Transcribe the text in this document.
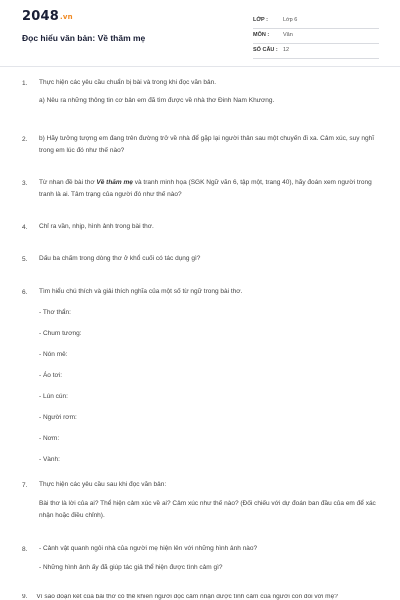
2048.vn
Đọc hiểu văn bản: Về thăm mẹ
LỚP :	Lớp 6
MÔN :	Văn
SỐ CÂU : 12
1. Thực hiện các yêu cầu chuẩn bị bài và trong khi đọc văn bản.

a) Nêu ra những thông tin cơ bản em đã tìm được về nhà thơ Đinh Nam Khương.

2. b) Hãy tưởng tượng em đang trên đường trở về nhà để gặp lại người thân sau một chuyến đi xa. Cảm xúc, suy nghĩ trong em lúc đó như thế nào?

3. Từ nhan đề bài thơ Về thăm mẹ và tranh minh họa (SGK Ngữ văn 6, tập một, trang 40), hãy đoán xem người trong tranh là ai. Tâm trạng của người đó như thế nào?

4. Chỉ ra vần, nhịp, hình ảnh trong bài thơ.

5. Dấu ba chấm trong dòng thơ ở khổ cuối có tác dụng gì?

6. Tìm hiểu chú thích và giải thích nghĩa của một số từ ngữ trong bài thơ.

- Thơ thẩn:
- Chum tương:
- Nón mê:
- Áo tơi:
- Lún cún:
- Người rơm:
- Nơm:
- Vành:
7. Thực hiện các yêu cầu sau khi đọc văn bản:

Bài thơ là lời của ai? Thể hiện cảm xúc về ai? Cảm xúc như thế nào? (Đối chiếu với dự đoán ban đầu của em để xác nhận hoặc điều chỉnh).

8. - Cảnh vật quanh ngôi nhà của người mẹ hiện lên với những hình ảnh nào?

- Những hình ảnh ấy đã giúp tác giả thể hiện được tình cảm gì?

9. Vì sao đoạn kết của bài thơ có thể khiến người đọc cảm nhận được tình cảm của người con đối với mẹ?
